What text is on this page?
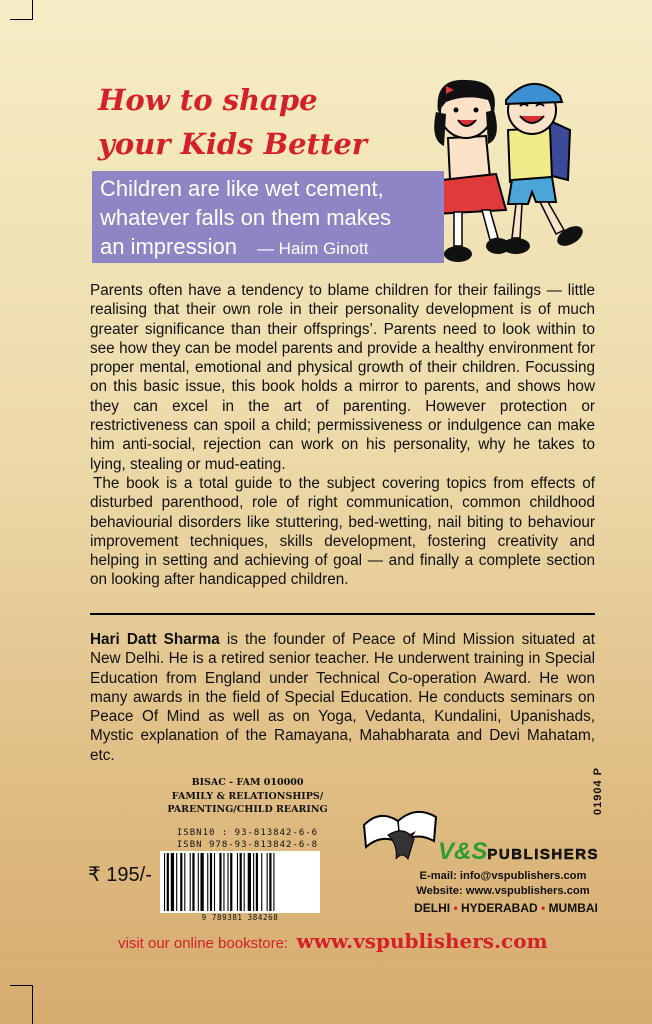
How to shape
your Kids Better
Children are like wet cement,
whatever falls on them makes
an impression — Haim Ginott

Parents often have a tendency to blame children for their failings — little realising that their own role in their personality development is of much greater significance than their offsprings’. Parents need to look within to see how they can be model parents and provide a healthy environment for proper mental, emotional and physical growth of their children. Focussing on this basic issue, this book holds a mirror to parents, and shows how they can excel in the art of parenting. However protection or restrictiveness can spoil a child; permissiveness or indulgence can make him anti-social, rejection can work on his personality, why he takes to lying, stealing or mud-eating.

The book is a total guide to the subject covering topics from effects of disturbed parenthood, role of right communication, common childhood behaviourial disorders like stuttering, bed-wetting, nail biting to behaviour improvement techniques, skills development, fostering creativity and helping in setting and achieving of goal — and finally a complete section on looking after handicapped children.

Hari Datt Sharma is the founder of Peace of Mind Mission situated at New Delhi. He is a retired senior teacher. He underwent training in Special Education from England under Technical Co-operation Award. He won many awards in the field of Special Education. He conducts seminars on Peace Of Mind as well as on Yoga, Vedanta, Kundalini, Upanishads, Mystic explanation of the Ramayana, Mahabharata and Devi Mahatam, etc.

BISAC - FAM 010000
FAMILY & RELATIONSHIPS/
PARENTING/CHILD REARING
ISBN10 : 93-813842-6-6
ISBN 978-93-813842-6-8
9 789381 384268
₹ 195/-
01904 P
V&SPUBLISHERS
E-mail: info@vspublishers.com
Website: www.vspublishers.com
DELHI • HYDERABAD • MUMBAI
visit our online bookstore: www.vspublishers.com
